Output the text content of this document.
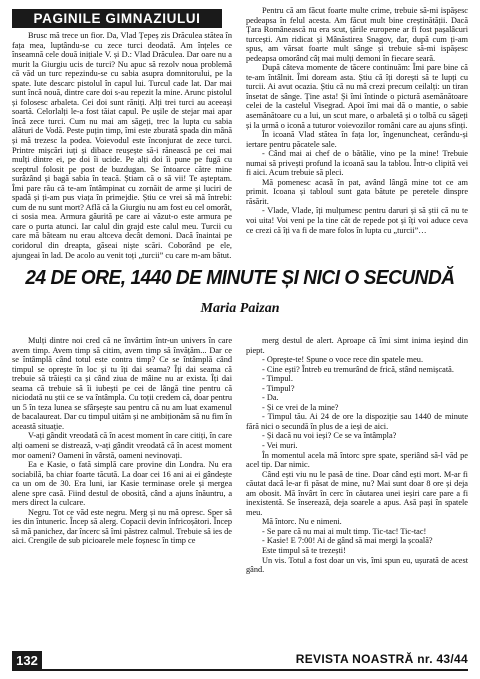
PAGINILE GIMNAZIULUI

Brusc mă trece un fior. Da, Vlad Țepeș zis Drăculea stătea în fața mea, luptându-se cu zece turci deodată. Am înțeles ce înseamnă cele două inițiale V. și D.: Vlad Drăculea. Dar oare nu a murit la Giurgiu ucis de turci? Nu apuc să rezolv noua problemă că văd un turc repezindu-se cu sabia asupra domnitorului, pe la spate. Iute descarc pistolul în capul lui. Turcul cade lat. Dar mai sunt încă nouă, dintre care doi s-au repezit la mine. Arunc pistolul și folosesc arbaleta. Cei doi sunt răniți. Alți trei turci au aceeași soartă. Celorlalți le-a fost tăiat capul. Pe ușile de stejar mai apar încă zece turci. Cum nu mai am săgeți, trec la lupta cu sabia alături de Vodă. Peste puțin timp, îmi este zburată spada din mână și mă trezesc la podea. Voievodul este înconjurat de zece turci. Printre mișcări iuți și dibace reușește să-i rănească pe cei mai mulți dintre ei, pe doi îi ucide. Pe alți doi îi pune pe fugă cu sceptrul folosit pe post de buzdugan. Se întoarce către mine surâzând și bagă sabia în teacă. Știam că o să vii! Te așteptam. Îmi pare rău că te-am întâmpinat cu zornăit de arme și luciri de spadă și ți-am pus viața în primejdie. Știu ce vrei să mă întrebi: cum de nu sunt mort? Află că la Giurgiu nu am fost eu cel omorât, ci sosia mea. Armura găurită pe care ai văzut-o este armura pe care o purta atunci. Iar calul din grajd este calul meu. Turcii cu care mă băteam nu erau altceva decât demoni. Dacă înaintai pe coridorul din dreapta, găseai niște scări. Coborând pe ele, ajungeai în lad. De acolo au venit toți „turcii” cu care m-am bătut.

Pentru că am făcut foarte multe crime, trebuie să-mi ispășesc pedeapsa în felul acesta. Am făcut mult bine creștinătății. Dacă Țara Românească nu era scut, țările europene ar fi fost pașalâcuri turcești. Am ridicat și Mânăstirea Snagov, dar, după cum ți-am spus, am vărsat foarte mult sânge și trebuie să-mi ispășesc pedeapsa omorând câț mai mulți demoni în fiecare seară.

După câteva momente de tăcere continuăm: Îmi pare bine că te-am întâlnit. Îmi doream asta. Știu că îți dorești să te lupți cu turcii. Ai avut ocazia. Știu că nu mă crezi precum ceilalți: un tiran însetat de sânge. Ține asta! Și îmi întinde o pictură asemănătoare celei de la castelul Visegrad. Apoi îmi mai dă o mantie, o sabie asemănătoare cu a lui, un scut mare, o arbaletă și o tolbă cu săgeți și la urmă o iconă a tuturor voievozilor români care au ajuns sfinți.

În icoană Vlad stătea în fața lor, îngenuncheat, cerându-și iertare pentru păcatele sale.

- Când mai ai chef de o bătălie, vino pe la mine! Trebuie numai să privești profund la icoană sau la tablou. Într-o clipită vei fi aici. Acum trebuie să pleci.

Mă pomenesc acasă în pat, având lângă mine tot ce am primit. Icoana și tabloul sunt gata bătute pe peretele dinspre răsărit.

- Vlade, Vlade, îți mulțumesc pentru daruri și să știi că nu te voi uita! Voi veni pe la tine căt de repede pot și îți voi aduce ceva ce crezi că îți va fi de mare folos în lupta cu „turcii”…

24 DE ORE, 1440 DE MINUTE ȘI NICI O SECUNDĂ
Maria Paizan

Mulți dintre noi cred că ne învârtim într-un univers în care avem timp. Avem timp să citim, avem timp să învățăm... Dar ce se întâmplă când totul este contra timp? Ce se întâmplă când timpul se oprește în loc și tu îți dai seama? Îți dai seama că trebuie să trăiești ca și când ziua de mâine nu ar exista. Îți dai seama că trebuie să îi iubești pe cei de lângă tine pentru că niciodată nu știi ce se va întâmpla. Cu toții credem că, doar pentru un 5 în teza lunea se sfârșește sau pentru că nu am luat examenul de bacalaureat. Dar cu timpul uităm și ne ambiționăm să nu fim în această situație.

V-ați gândit vreodată că în acest moment în care citiți, în care alți oameni se distrează, v-ați gândit vreodată că în acest moment mor oameni? Oameni în vârstă, oameni nevinovați.

Ea e Kasie, o fată simplă care provine din Londra. Nu era sociabilă, ba chiar foarte tăcută. La doar cei 16 ani ai ei gândește ca un om de 30. Era luni, iar Kasie terminase orele și mergea alene spre casă. Fiind destul de obosită, când a ajuns înăuntru, a mers direct la culcare.

Negru. Tot ce văd este negru. Merg și nu mă opresc. Sper să ies din întuneric. Încep să alerg. Copacii devin înfricoșători. Încep să mă panichez, dar încerc să îmi păstrez calmul. Trebuie să ies de aici. Crengile de sub picioarele mele foșnesc în timp ce

merg destul de alert. Aproape că îmi simt inima ieșind din piept.

- Oprește-te! Spune o voce rece din spatele meu.

- Cine ești? Întreb eu tremurând de frică, stând nemișcată.

- Timpul.

- Timpul?

- Da.

- Și ce vrei de la mine?

- Timpul tău. Ai 24 de ore la dispoziție sau 1440 de minute fără nici o secundă în plus de a ieși de aici.

- Și dacă nu voi ieși? Ce se va întâmpla?

- Vei muri.

În momentul acela mă întorc spre spate, speriând să-l văd pe acel tip. Dar nimic.

Când ești viu nu le pasă de tine. Doar când ești mort. M-ar fi căutat dacă le-ar fi păsat de mine, nu? Mai sunt doar 8 ore și deja am obosit. Mă învârt în cerc în căutarea unei ieșiri care pare a fi inexistentă. Se înserează, deja soarele a apus. Asă pași în spatele meu.

Mă întorc. Nu e nimeni.

- Se pare că nu mai ai mult timp. Tic-tac! Tic-tac!

- Kasie! E 7:00! Ai de gând să mai mergi la școală?

Este timpul să te trezești!

Un vis. Totul a fost doar un vis, îmi spun eu, ușurată de acest gând.

132	REVISTA NOASTRĂ nr. 43/44
